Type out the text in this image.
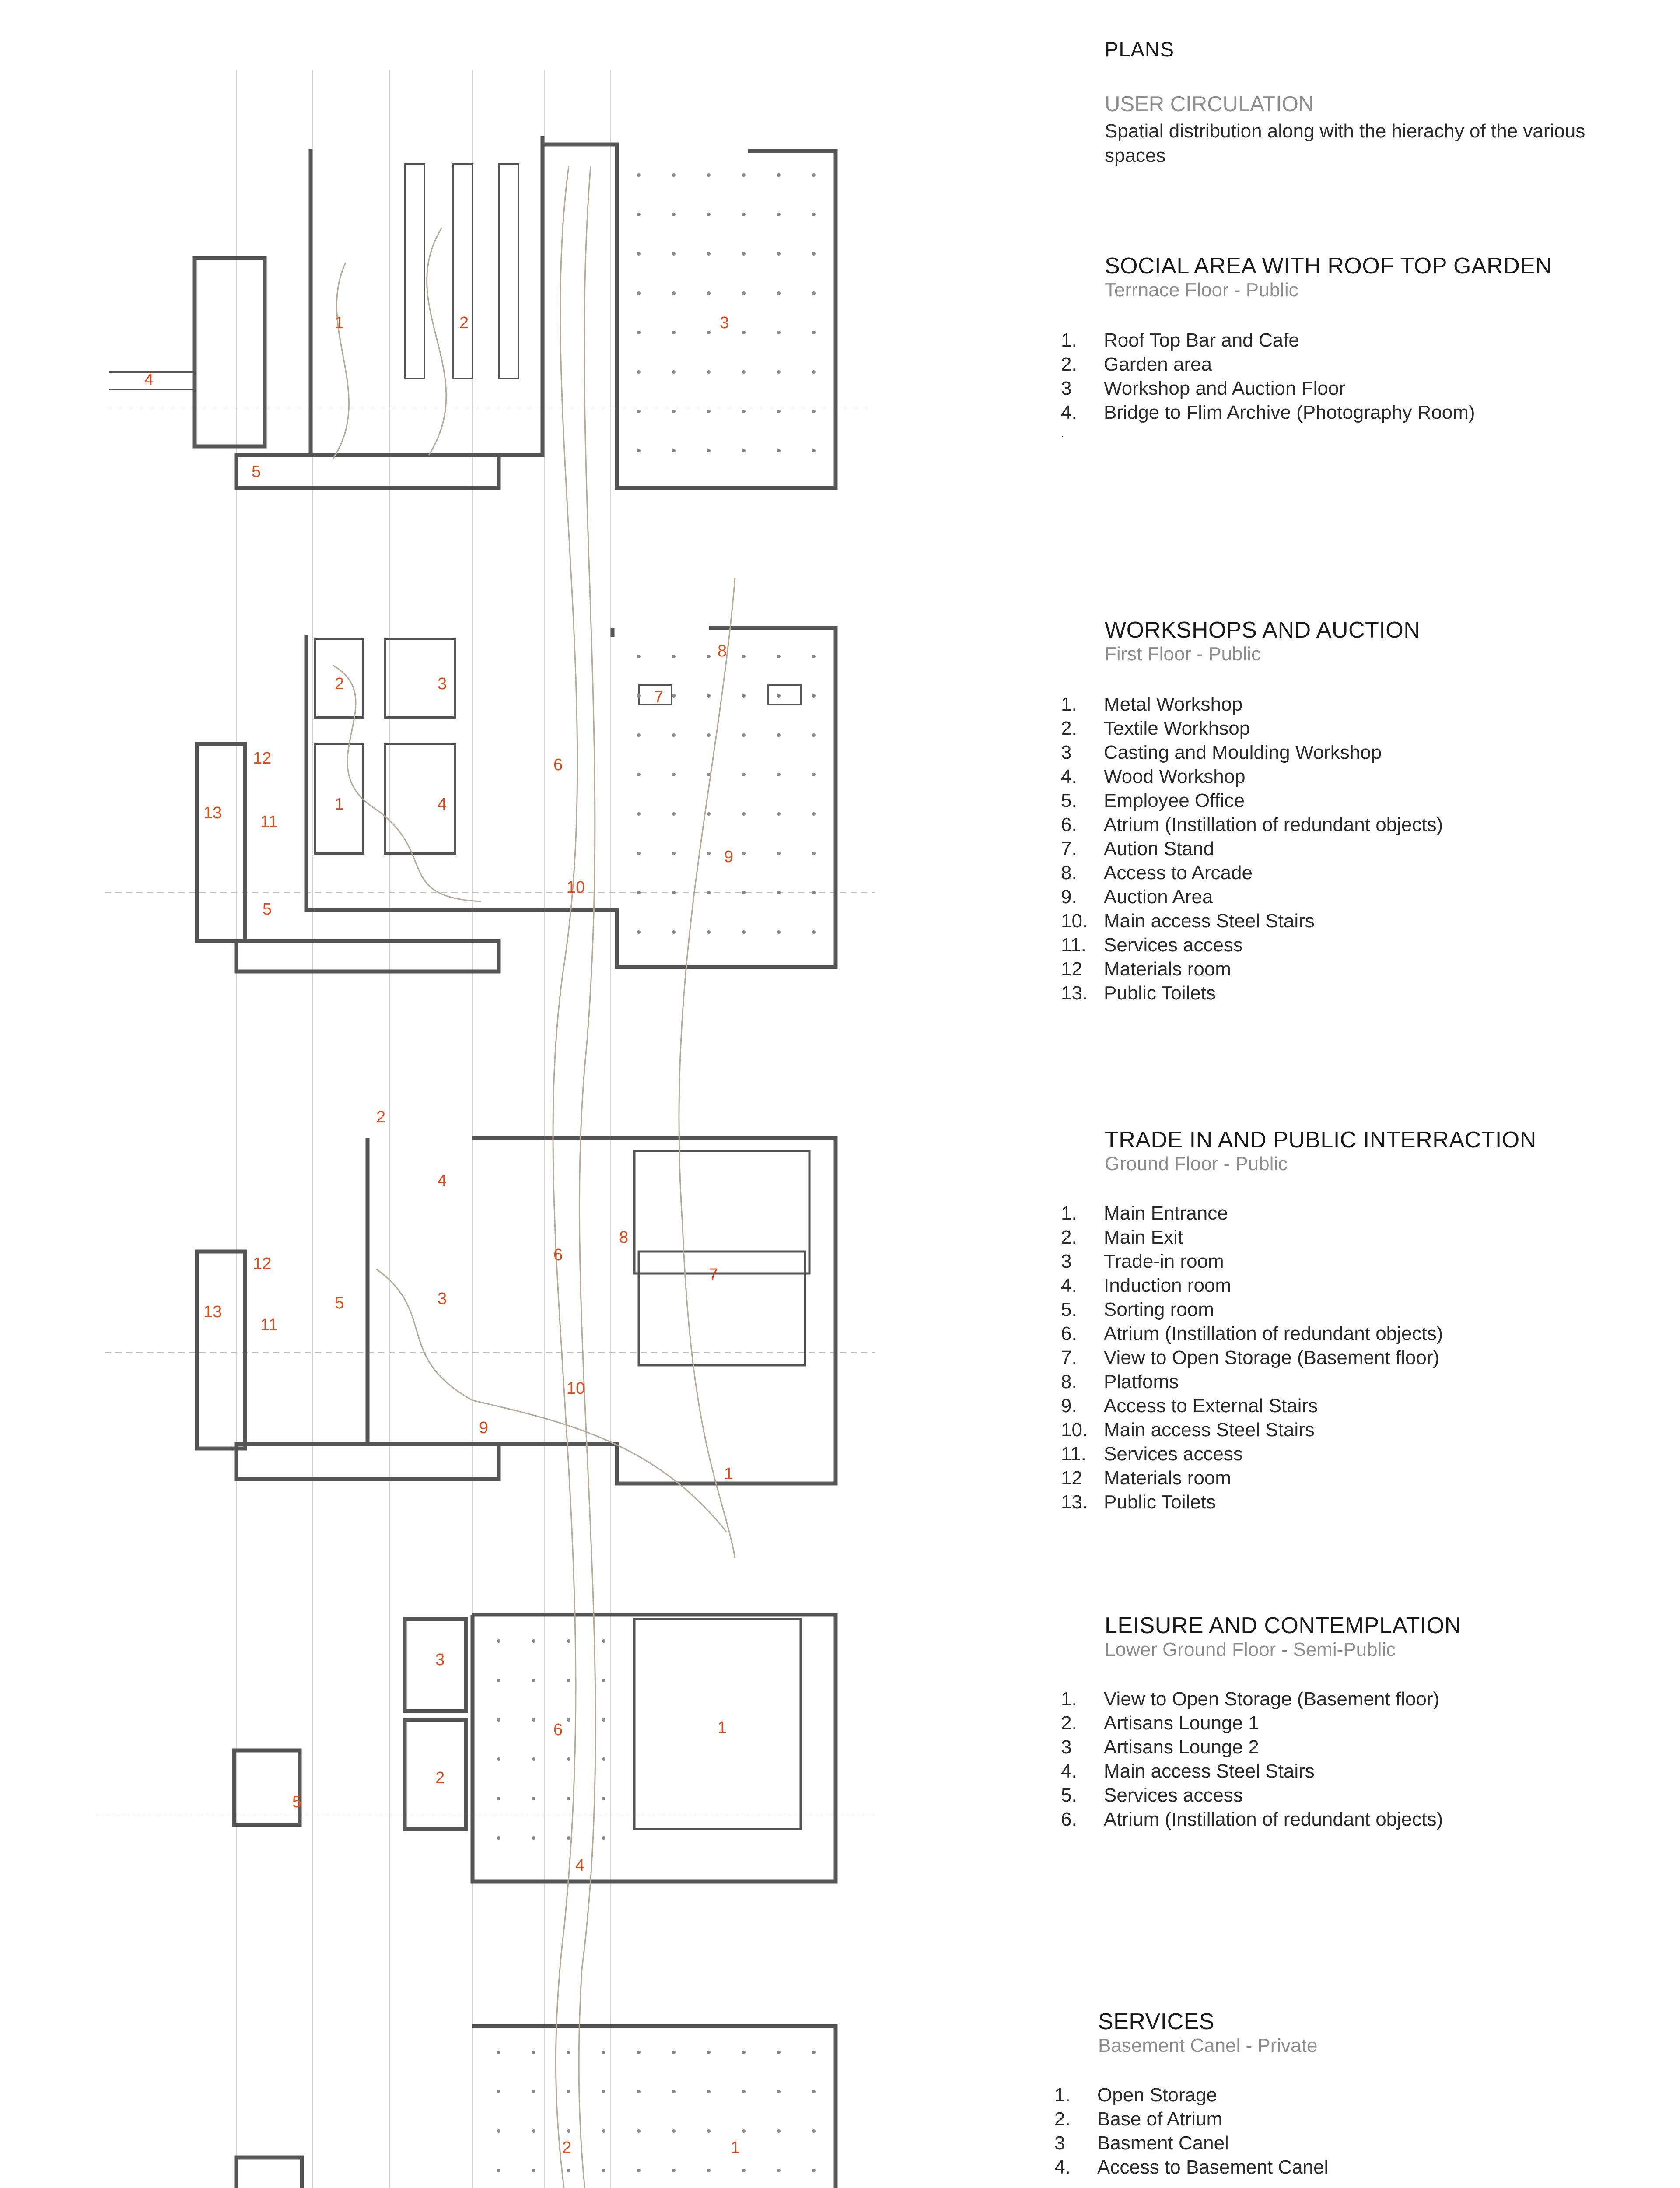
1	2	3
4
5
1
2	3
4
5
6
7
8
9
10
11
12
13
1
2
3
4
5
6
7
8
9
10
11
12
13
1
2
3
4
5
6
1
2
PLANS
USER CIRCULATION
Spatial distribution along with the hierachy of the various spaces
SOCIAL AREA WITH ROOF TOP GARDEN
Terrnace Floor - Public
1. Roof Top Bar and Cafe
2. Garden area
3 Workshop and Auction Floor
4. Bridge to Flim Archive (Photography Room)
.
WORKSHOPS AND AUCTION
First Floor - Public
1. Metal Workshop
2. Textile Workhsop
3 Casting and Moulding Workshop
4. Wood Workshop
5. Employee Office
6. Atrium (Instillation of redundant objects)
7. Aution Stand
8. Access to Arcade
9. Auction Area
10. Main access Steel Stairs
11. Services access
12 Materials room
13. Public Toilets
TRADE IN AND PUBLIC INTERRACTION
Ground Floor - Public
1. Main Entrance
2. Main Exit
3 Trade-in room
4. Induction room
5. Sorting room
6. Atrium (Instillation of redundant objects)
7. View to Open Storage (Basement floor)
8. Platfoms
9. Access to External Stairs
10. Main access Steel Stairs
11. Services access
12 Materials room
13. Public Toilets
LEISURE AND CONTEMPLATION
Lower Ground Floor - Semi-Public
1. View to Open Storage (Basement floor)
2. Artisans Lounge 1
3 Artisans Lounge 2
4. Main access Steel Stairs
5. Services access
6. Atrium (Instillation of redundant objects)
SERVICES
Basement Canel - Private
1. Open Storage
2. Base of Atrium
3 Basment Canel
4. Access to Basement Canel
